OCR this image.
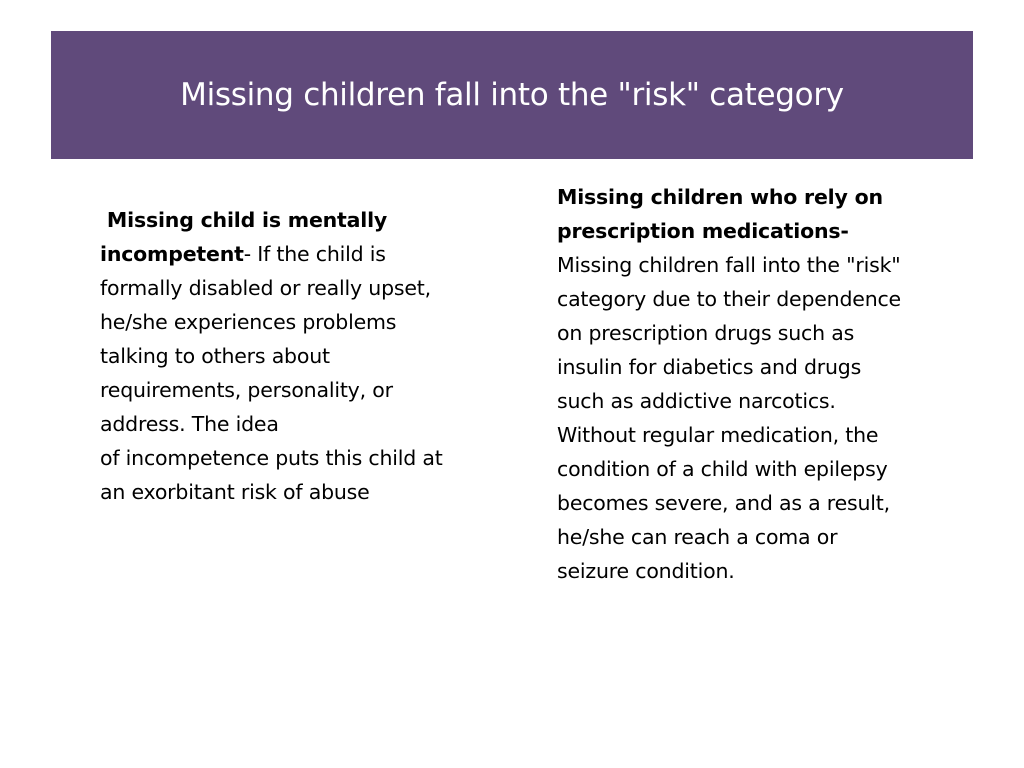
Missing children fall into the "risk" category
Missing child is mentally
incompetent- If the child is
formally disabled or really upset,
he/she experiences problems
talking to others about
requirements, personality, or
address. The idea
of incompetence puts this child at
an exorbitant risk of abuse
Missing children who rely on
prescription medications-
Missing children fall into the "risk"
category due to their dependence
on prescription drugs such as
insulin for diabetics and drugs
such as addictive narcotics.
Without regular medication, the
condition of a child with epilepsy
becomes severe, and as a result,
he/she can reach a coma or
seizure condition.
